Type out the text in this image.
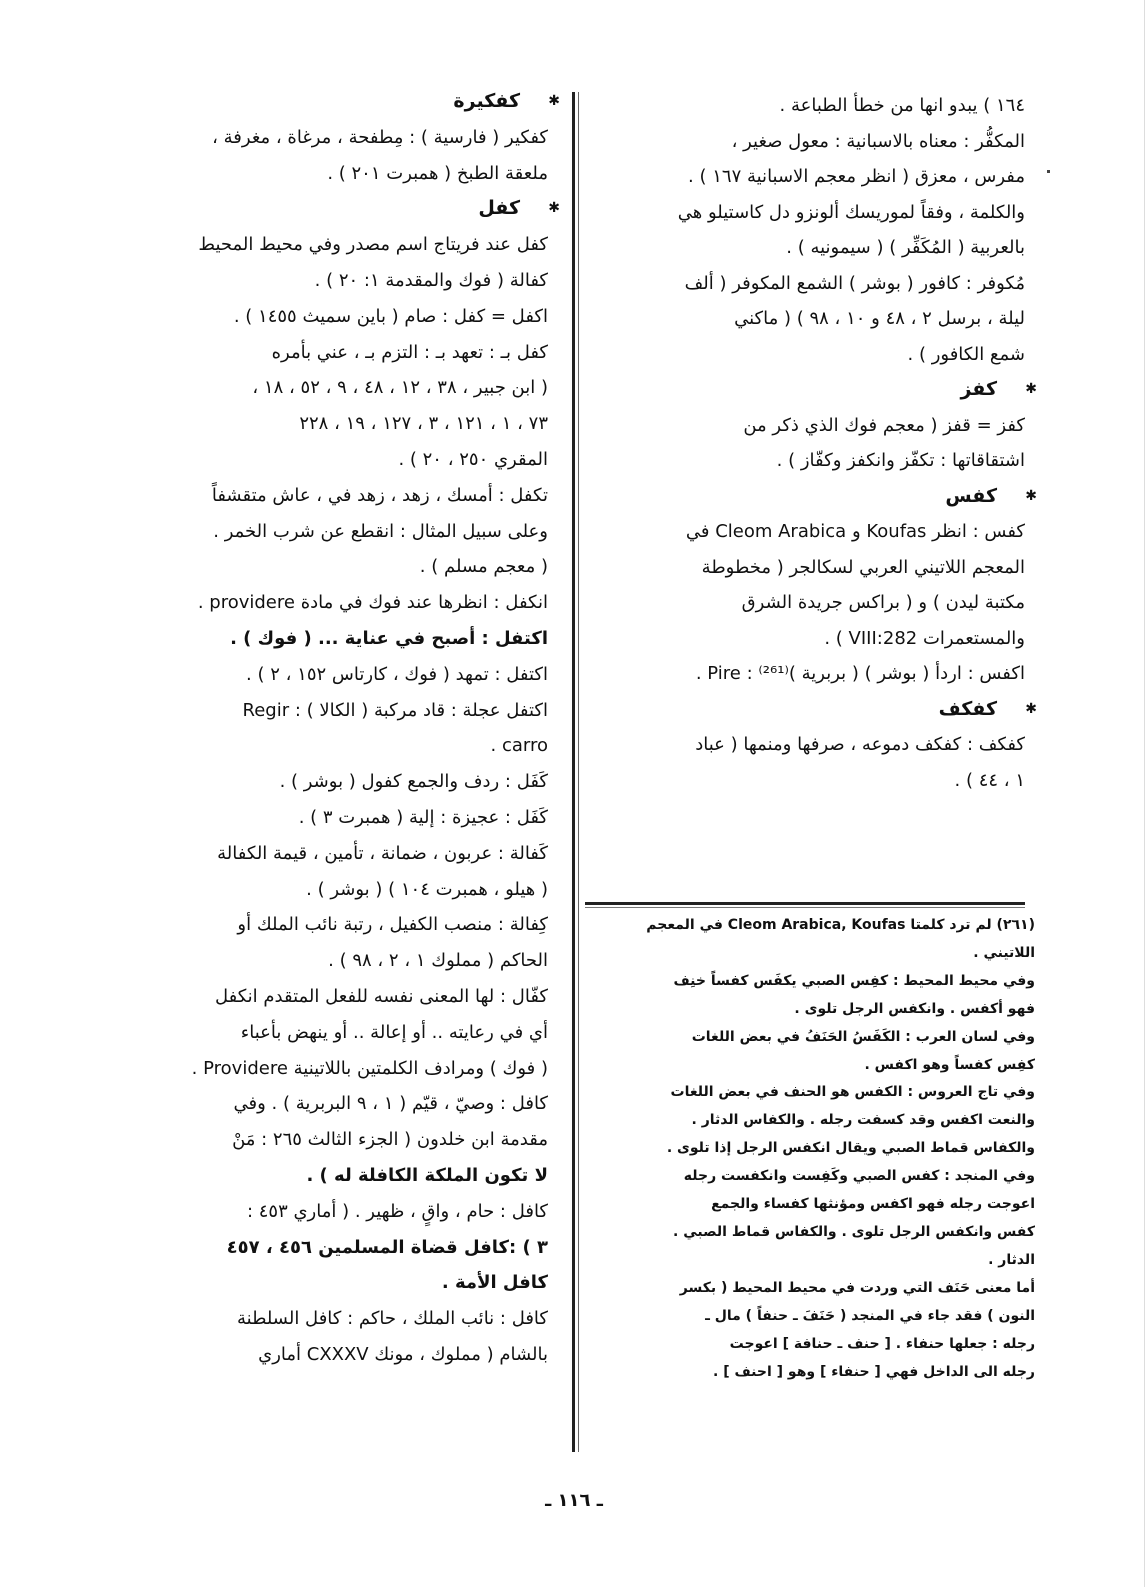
١٦٤ ) يبدو انها من خطأ الطباعة .
المكفُّر : معناه بالاسبانية : معول صغير ،
مفرس ، معزق ( انظر معجم الاسبانية ١٦٧ ) .
والكلمة ، وفقاً لموريسك ألونزو دل كاستيلو هي
بالعربية ( المُكَفِّر ) ( سيمونيه ) .
مُكوفر : كافور ( بوشر ) الشمع المكوفر ( ألف
ليلة ، برسل ٢ ، ٤٨ و ١٠ ، ٩٨ ) ( ماكني
شمع الكافور ) .
✱
كفز
كفز = قفز ( معجم فوك الذي ذكر من
اشتقاقاتها : تكفّز وانكفز وكفّاز ) .
✱
كفس
كفس : انظر Koufas و Cleom Arabica في
المعجم اللاتيني العربي لسكالجر ( مخطوطة
مكتبة ليدن ) و ( براكس جريدة الشرق
والمستعمرات 282:VIII ) .
اكفس : اردأ ( بوشر ) ( بربرية )⁽²⁶¹⁾ : Pire .
✱
كفكف
كفكف : كفكف دموعه ، صرفها ومنمها ( عباد
١ ، ٤٤ ) .
(٢٦١) لم ترد كلمتا Cleom Arabica, Koufas في المعجم
اللاتيني .
وفي محيط المحيط : كفِس الصبي يكفَس كفساً خنِف
فهو أكفس . وانكفس الرجل تلوى .
وفي لسان العرب : الكَفَسُ الحَنَفُ في بعض اللغات
كفِس كفساً وهو اكفس .
وفي تاج العروس : الكفس هو الحنف في بعض اللغات
والنعت اكفس وقد كسفت رجله . والكفاس الدثار .
والكفاس قماط الصبي ويقال انكفس الرجل إذا تلوى .
وفي المنجد : كفس الصبي وكَفِست وانكفست رجله
اعوجت رجله فهو اكفس ومؤنثها كفساء والجمع
كفس وانكفس الرجل تلوى . والكفاس قماط الصبي .
الدثار .
أما معنى حَنَف التي وردت في محيط المحيط ( بكسر
النون ) فقد جاء في المنجد ( حَنَفَ ـ حنفاً ) مال ـ
رجله : جعلها حنفاء . [ حنف ـ حنافة ] اعوجت
رجله الى الداخل فهي [ حنفاء ] وهو [ احنف ] .
✱
كفكيرة
كفكير ( فارسية ) : مِطفحة ، مرغاة ، مغرفة ،
ملعقة الطبخ ( همبرت ٢٠١ ) .
✱
كفل
كفل عند فريتاج اسم مصدر وفي محيط المحيط
كفالة ( فوك والمقدمة ١: ٢٠ ) .
اكفل = كفل : صام ( باين سميث ١٤٥٥ ) .
كفل بـ : تعهد بـ : التزم بـ ، عني بأمره
( ابن جبير ، ٣٨ ، ١٢ ، ٤٨ ، ٩ ، ٥٢ ، ١٨ ،
٧٣ ، ١ ، ١٢١ ، ٣ ، ١٢٧ ، ١٩ ، ٢٢٨
المقري ٢٥٠ ، ٢٠ ) .
تكفل : أمسك ، زهد ، زهد في ، عاش متقشفاً
وعلى سبيل المثال : انقطع عن شرب الخمر .
( معجم مسلم ) .
انكفل : انظرها عند فوك في مادة providere .
اكتفل : أصبح في عناية ... ( فوك ) .
اكتفل : تمهد ( فوك ، كارتاس ١٥٢ ، ٢ ) .
اكتفل عجلة : قاد مركبة ( الكالا ) : Regir
carro .
كَفَل : ردف والجمع كفول ( بوشر ) .
كَفَل : عجيزة : إلية ( همبرت ٣ ) .
كَفالة : عربون ، ضمانة ، تأمين ، قيمة الكفالة
( هيلو ، همبرت ١٠٤ ) ( بوشر ) .
كِفالة : منصب الكفيل ، رتبة نائب الملك أو
الحاكم ( مملوك ١ ، ٢ ، ٩٨ ) .
كفّال : لها المعنى نفسه للفعل المتقدم انكفل
أي في رعايته .. أو إعالة .. أو ينهض بأعباء
( فوك ) ومرادف الكلمتين باللاتينية Providere .
كافل : وصيّ ، قيّم ( ١ ، ٩ البربرية ) . وفي
مقدمة ابن خلدون ( الجزء الثالث ٢٦٥ : مَنْ
لا تكون الملكة الكافلة له ) .
كافل : حام ، واقٍ ، ظهير . ( أماري ٤٥٣ :
٣ ) :كافل قضاة المسلمين ٤٥٦ ، ٤٥٧
كافل الأمة .
كافل : نائب الملك ، حاكم : كافل السلطنة
بالشام ( مملوك ، مونك CXXXV أماري
ـ ١١٦ ـ
